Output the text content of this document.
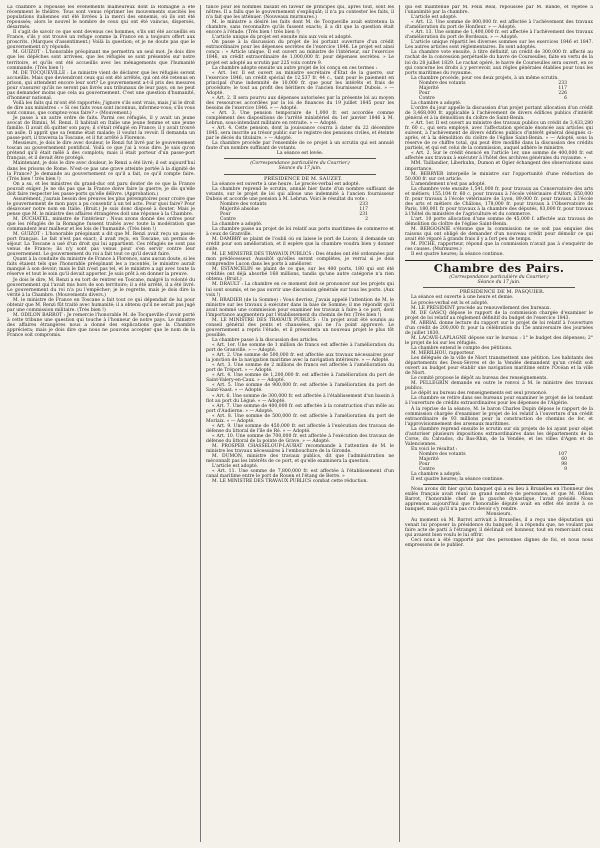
La chambre a repoussé les événements malheureux dont la Romagne a été récemment le théâtre. Tous sont venus réprimer les mouvements suscités les populations italiennes ont été livrées à la merci des ennemis, où ils ont été repoussés; alors le nouvel le nombre de ceux qui ont été vaincus, dispersés, désarmés.

Il s'agit de savoir ce que sont devenus ces hommes, s'ils ont été accueillis en France, s'ils y ont trouvé un refuge comme la France en a toujours offert aux proscrits. (Marques d'assentiment.) Voilà la question; et je ne doute pas que le gouvernement n'y réponde.

M. GUIZOT : L'honorable préopinant me permettra un seul mot. Je dois dire que les dépêches sont arrivées, que les réfugiés se sont présentés sur notre territoire, et qu'ils ont été accueillis avec les ménagements que l'humanité commande. (Très bien !)

M. DE TOCQUEVILLE : Le ministre vient de déclarer que les réfugiés seront accueillis. Mais que deviendront ceux qui ont été arrêtés, qui ont été retenus en prison, qui attendent encore leur sort? Le gouvernement a-t-il pris des mesures pour s'assurer qu'ils ne seront pas livrés aux tribunaux de leur pays, on ne peut pas demander moins que cela au gouvernement. C'est une question d'humanité, d'honneur national.

Voilà les faits qui m'ont été rapportés; j'ignore s'ils sont vrais, mais j'ai le droit de dire aux ministres : « Si ces faits vous sont inconnus, informez-vous; s'ils vous sont connus, que comptez-vous faire? » (Mouvement.)

Je passe à un autre ordre de faits. Parmi ces réfugiés, il y avait un jeune avocat de Rimini, M. Renzi. Il habitait en Italie une jeune femme et une jeune famille. Il avait dû quitter son pays; il s'était réfugié en France; il y avait trouvé un asile. Il apprit que sa femme était malade; il voulut la revoir. Il demanda un passe-port, il traversa la Toscane, et il fut arrêté à Florence.

Messieurs, je dois le dire avec douleur, le Renzi fut livré par le gouvernement toscan au gouvernement pontifical. Voilà ce que j'ai à vous dire. Je sais qu'on prétend qu'il était mêlé à des complots; mais il était porteur d'un passe-port français, et il devait être protégé.

Maintenant, je dois le dire avec douleur, le Renzi a été livré; il est aujourd'hui dans les prisons de Rome. N'est-ce pas une grave atteinte portée à la dignité de la France? Je demande au gouvernement ce qu'il a fait, ce qu'il compte faire. (Très bien ! très bien !)

On a su, et les ministres du grand-duc ont paru douter de ce que la France pouvait exiger. Je ne dis pas que la France doive faire la guerre; je dis qu'elle doit faire respecter les passe-ports qu'elle délivre. (Approbation.)

Assurément, j'aurais besoin des preuves les plus péremptoires pour croire que le gouvernement de mon pays a pu consentir à un tel acte. Pour quoi faire? Pour désavouer notre nom en Italie. (Bruit.) Je suis donc disposé à douter. Mais je pense que M. le ministre des affaires étrangères doit une réponse à la Chambre.

M. DUCHATEL, ministre de l'intérieur : Nous avons donné des ordres pour que les réfugiés de la Romagne fussent traités avec toute la modération que commandent leur malheur et les lois de l'humanité. (Très bien !)

M. GUIZOT : L'honorable préopinant a dit que M. Renzi avait reçu un passe-port français. Le fait n'est pas exact; il avait reçu, en Toscane, un permis de séjour. La Toscane a usé d'un droit qui lui appartient. Ces réfugiés ne sont pas venus de France; ils n'y sont pas venus pour s'en servir contre leur gouvernement. Le gouvernement du roi a fait tout ce qu'il devait faire.

Quant à la conduite du ministre de France à Florence, sans aucun doute, si les faits étaient tels que l'honorable préopinant les a racontés, le ministre aurait manqué à son devoir; mais le fait n'est pas tel, et le ministre a agi avec toute la réserve et tout le soin qu'il devait apporter. Je suis prêt à en donner la preuve.

Je dois le dire, M. Renzi a eu tort de rentrer en Toscane, malgré la volonté du gouvernement qui l'avait mis hors de son territoire; il a été arrêté, il a été livré. Le gouvernement du roi n'a pu l'empêcher; je le regrette, mais je dois dire la vérité à la Chambre. (Mouvements divers.)

M. le ministre de France en Toscane a fait tout ce qui dépendait de lui pour obtenir que M. Renzi fût traité avec humanité; il a obtenu qu'il ne serait pas jugé par une commission militaire. (Très bien !)

M. ODILON BARROT : Je remercie l'honorable M. de Tocqueville d'avoir porté à cette tribune une question qui touche à l'honneur de notre pays. Le ministre des affaires étrangères nous a donné des explications que la Chambre appréciera; mais je dois dire que nous ne pouvons accepter que le nom de la France soit compromis.

tance pour les hommes faisant en faveur de principes qui, après tout, sont les nôtres. Il a fallu que le gouvernement s'expliquât; il n'a pu contester les faits, il n'a fait que les atténuer. (Nouveaux murmures.)

M. le ministre a désiré les faits dont M. de Tocqueville avait entretenu la chambre, sans reconnaître qu'ils fussent exacts; il a dit que la question était encore à l'étude. (Très bien ! très bien !)

L'article unique du projet est ensuite mis aux voix et adopté.

On passe à la discussion du projet de loi portant ouverture d'un crédit extraordinaire pour les dépenses secrètes de l'exercice 1846. Le projet est ainsi conçu : « Article unique. Il est ouvert au ministre de l'intérieur, sur l'exercice 1846, un crédit extraordinaire de 1,000,000 fr. pour dépenses secrètes. » Le projet est adopté au scrutin par 225 voix contre 9.

La chambre adopte ensuite un autre projet de loi conçu en ces termes :

« Art. 1er. Il est ouvert au ministre secrétaire d'État de la guerre, sur l'exercice 1846, un crédit spécial de 12,537 fr. 44 c., tant pour le paiement en principal d'une indemnité de 10,000 fr. que pour les intérêts et frais de procédure; le tout au profit des héritiers de l'ancien fournisseur Dubois. » — Adopté.

« Art. 2. Il sera pourvu aux dépenses autorisées par la présente loi au moyen des ressources accordées par la loi de finances du 19 juillet 1845 pour les besoins de l'exercice 1846. » — Adopté.

« Art. 3. Une pension temporaire de 1,000 fr. est accordée comme complément des dispositions de l'arrêté ministériel du 1er janvier 1846 à M. Lebrun, sous-intendant militaire en retraite. » — Adopté.

« Art. 4. Cette pension, dont la jouissance courra à dater du 22 décembre 1845, sera inscrite au trésor public sur le registre des pensions civiles, et éteinte par le décès du titulaire. » — Adopté.

La chambre procède par l'ensemble de ce projet à un scrutin qui est annulé faute d'un nombre suffisant de votants.

La séance est levée.

(Correspondance particulière du Courrier.)

Séance du 17 juin.

PRÉSIDENCE DE M. SAUZET.

La séance est ouverte à une heure. Le procès-verbal est adopté.

La chambre reprend le scrutin, annulé hier faute d'un nombre suffisant de votants, sur le projet de loi qui alloue une indemnité à l'ancien fournisseur Dubois et accorde une pension à M. Lebrun. Voici le résultat du vote :

Nombre des votants	233
Majorité absolue	117
Pour	231
Contre	2

La chambre a adopté.

La chambre passe au projet de loi relatif aux ports maritimes de commerce et à ceux de Granville.

M. DAMBRY se plaint de l'oubli où on laisse le port de Lucon; il demande un crédit pour son amélioration, et il espère que la chambre voudra bien y donner suite.

M. LE MINISTRE DES TRAVAUX PUBLICS : Des études ont été ordonnées par mon prédécesseur. Aussitôt qu'elles seront complètes, je verrai si je dois comprendre Lucon dans les ports à améliorer.

M. ESTANCELIN se plaint de ce que, sur les 400 ports, 180 qui ont été crédités ont déjà absorbé 168 millions, tandis qu'une autre catégorie n'a rien obtenu. (Bruit.)

M. DRAULT : La chambre en ce moment doit se prononcer sur les projets qui lui sont soumis, et ne pas ouvrir une discussion générale sur tous les ports. (Aux voix !)

M. BRADIER (de la Somme) : Vous devriez, j'avais appelé l'attention de M. le ministre sur les travaux à exécuter dans la baie de Somme; il me répondit qu'il avait nommé une commission pour examiner les travaux à faire à ce port, dont l'importance augmentera par l'établissement du chemin de fer. (Très bien !)

M. LE MINISTRE DES TRAVAUX PUBLICS : Un projet avait été soumis au conseil général des ponts et chaussées, qui ne l'a point approuvé. Le gouvernement a repris l'étude, et il présentera un nouveau projet le plus tôt possible.

La chambre passe à la discussion des articles.

« Art. 1er. Une somme de 1 million de francs est affectée à l'amélioration du port de Granville. » — Adopté.

« Art. 2. Une somme de 500,000 fr. est affectée aux travaux nécessaires pour la jonction de la navigation maritime avec la navigation intérieure. » — Adopté.

« Art. 3. Une somme de 2 millions de francs est affectée à l'amélioration du port de Tréport. » — Adopté.

« Art. 4. Une somme de 1,200,000 fr. est affectée à l'amélioration du port de Saint-Valery-en-Caux. » — Adopté.

« Art. 5. Une somme de 900,000 fr. est affectée à l'amélioration du port de Saint-Vaast. » — Adopté.

« Art. 6. Une somme de 300,000 fr. est affectée à l'établissement d'un bassin à flot au port du Légué. » — Adopté.

« Art. 7. Une somme de 400,000 fr. est affectée à la construction d'un môle au port d'Audierne. » — Adopté.

« Art. 8. Une somme de 500,000 fr. est affectée à l'amélioration du port de Morlaix. » — Adopté.

« Art. 9. Une somme de 450,000 fr. est affectée à l'exécution des travaux de défense du littoral de l'île de Ré. » — Adopté.

« Art. 10. Une somme de 700,000 fr. est affectée à l'exécution des travaux de défense du littoral de la pointe de Grave. » — Adopté.

M. PROSPER CHASSELOUP-LAUBAT recommande à l'attention de M. le ministre les travaux nécessaires à l'embouchure de la Gironde.

M. DUMON, ministre des travaux publics, dit que l'administration ne méconnaît pas les intérêts de ce port, et qu'elle examinera la question.

L'article est adopté.

« Art. 11. Une somme de 7,800,000 fr. est affectée à l'établissement d'un canal maritime entre le port de Rouen et l'étang de Berre. »

M. LE MINISTRE DES TRAVAUX PUBLICS combat cette réduction.

qui est maintenue par M. Félix Réal, repoussée par M. Bande, et rejetée à l'unanimité par la chambre.

L'article est adopté.

« Art. 12. Une somme de 800,000 fr. est affectée à l'achèvement des travaux d'amélioration du port de Honfleur. » — Adopté.

« Art. 13. Une somme de 1,400,000 fr. est affectée à l'achèvement des travaux d'amélioration du port de Bordeaux. » — Adopté.

L'article unique répartit les diverses sommes sur les exercices 1846 et 1847. Les autres articles sont réglementaires. Ils sont adoptés.

La chambre vote ensuite, à titre définitif, un crédit de 300,000 fr. affecté au rachat de la concession perpétuelle du havre de Courseulles, faite en vertu de la loi du 28 juillet 1829. Le rachat opéré, le havre de Courseulles sera ouvert, en ce qui concerne les droits à y percevoir, aux règles générales établies pour tous les ports maritimes du royaume.

La chambre procède, pour ces deux projets, à un même scrutin.

Nombre des votants	233
Majorité	117
Pour	226
Contre	6

La chambre a adopté.

L'ordre du jour appelle la discussion d'un projet portant allocation d'un crédit de 3,468,000 fr. applicable à l'achèvement de divers édifices publics d'intérêt général et à la démolition du cloître de Saint-Benin.

« Art. 1er. Il est ouvert au ministre des travaux publics un crédit de 3,433,280 fr. 60 c., qui sera employé, avec l'affectation spéciale énoncée aux articles qui suivent, à l'achèvement de divers édifices publics d'intérêt général désignés ci-après, et à la démolition du cloître de l'église Saint-Benin. » — Adopté, sous la réserve de ce chiffre total, qui peut être modifié dans la discussion des crédits partiels, et qui est celui de la commission, auquel adhère le ministre.

« Art. 2. Sur le crédit énoncé en l'article 1er, une somme de 400,000 fr. est affectée aux travaux à exécuter à l'hôtel des archives générales du royaume. »

MM. Taillandier, Liberkuhn, Dumon et Ogier échangent des observations sans importance.

M. BERRYER interpelle le ministre sur l'opportunité d'une réduction de 50,000 fr. sur cet article.

L'amendement n'est pas adopté.

La chambre vote ensuite 1,541,000 fr. pour travaux au Conservatoire des arts et métiers; 155,104 fr. 60 c. pour travaux à l'école vétérinaire d'Alfort; 650,000 fr. pour travaux à l'école vétérinaire de Lyon, 89,000 fr. pour travaux à l'école des arts et métiers de Châlons, 178,000 fr. pour travaux à l'Observatoire de Paris, 180,001 fr. pour travaux à la chambre des députés, 83,000 fr. pour travaux à l'hôtel du ministère de l'agriculture et du commerce.

L'art. 10 porte allocation d'une somme de 45,000 f. affectée aux travaux de démolition du cloître de l'église Saint-Benin.

M. BERGOGNIÉ s'étonne que la commission ne se soit pas enquise des raisons qui ont obligé de demander d'un nouveau crédit pour démolir ce qui avait été réparé à grands frais il y a fort peu de temps.

M. PICHE, rapporteur, répond que la commission n'avait pas à s'enquérir de ces causes. (Murmures.)

Il est quatre heures; la séance continue.

Chambre des Pairs.

(Correspondance particulière du Courrier.)

Séance du 17 juin.

PRÉSIDENCE DE M. PASQUIER.

La séance est ouverte à une heure et demie.

Le procès-verbal est lu et adopté.

M. LE PRÉSIDENT procède au renouvellement des bureaux.

M. DE GASCQ dépose le rapport de la commission chargée d'examiner le projet de loi relatif au règlement définitif du budget de l'exercice 1843.

M. ABRIAL donne lecture du rapport sur le projet de loi relatif à l'ouverture d'un crédit de 200,000 fr. pour la célébration du 15e anniversaire des journées de juillet 1830.

M. LACAVE-LAPLAGNE dépose sur le bureau : 1° le budget des dépenses; 2° le projet de loi sur les réfugiés.

La chambre entend le compte des pétitions.

M. MÉRILHOU, rapporteur.

Les délégués de la ville de Niort transmettent une pétition. Les habitants des départements des Deux-Sèvres et de la Vendée demandent qu'un crédit soit ouvert au budget pour établir une navigation maritime entre l'Océan et la ville de Niort.

Le comité propose le dépôt au bureau des renseignements.

M. PELLEGRIN demande en outre le renvoi à M. le ministre des travaux publics.

Le dépôt au bureau des renseignements est seul prononcé.

La chambre se retire dans ses bureaux pour examiner le projet de loi tendant à l'ouverture de crédits extraordinaires pour les dépenses de l'Algérie.

À la reprise de la séance, M. le baron Charles Dupin dépose le rapport de la commission chargée d'examiner le projet de loi relatif à l'ouverture d'un crédit extraordinaire de 93 millions pour la construction de chemins de fer, et l'approvisionnement des arsenaux maritimes.

La chambre reprend ensuite le scrutin sur six projets de loi ayant pour objet d'autoriser plusieurs impositions extraordinaires dans les départements de la Corse, du Calvados, du Bas-Rhin, de la Vendée, et les villes d'Agen et de Valenciennes.

En voici le résultat :

Nombre des votants	107
Majorité	60
Pour	98
Contre	9

La chambre a adopté.

Il est quatre heures; la séance continue.

Nous avons dit hier qu'un banquet qui a eu lieu à Bruxelles en l'honneur des exilés français avait réuni un grand nombre de personnes, et que M. Odilon Barrot, l'honorable chef de la gauche dynastique, l'avait présidé. Nous apprenons aujourd'hui que l'honorable député avait en effet été invité à ce banquet, mais qu'il n'a pas cru devoir s'y rendre.

Monsieurs,

Au moment où M. Barrot arrivait à Bruxelles, il a reçu une députation qui venait lui proposer la présidence du banquet; il a répondu que, ne voulant pas faire acte de parti à l'étranger, il déclinait cet honneur, tout en remerciant ceux qui avaient bien voulu le lui offrir.

Ceci nous a été rapporté par des personnes dignes de foi, et nous nous empressons de le publier.
